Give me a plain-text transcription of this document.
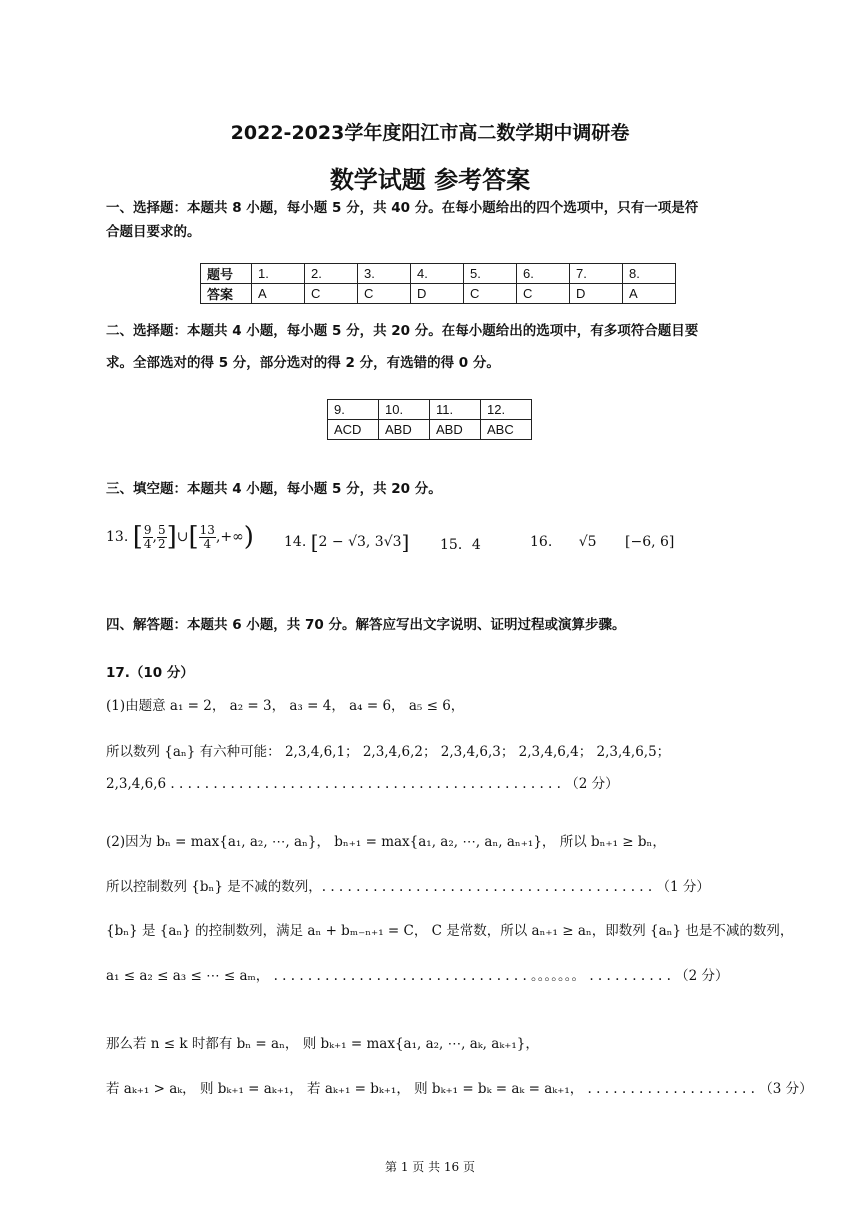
2022-2023学年度阳江市高二数学期中调研卷
数学试题 参考答案
一、选择题：本题共 8 小题，每小题 5 分，共 40 分。在每小题给出的四个选项中，只有一项是符
合题目要求的。
题号	1.	2.	3.	4.	5.	6.	7.	8.
答案	A	C	C	D	C	C	D	A
二、选择题：本题共 4 小题，每小题 5 分，共 20 分。在每小题给出的选项中，有多项符合题目要
求。全部选对的得 5 分，部分选对的得 2 分，有选错的得 0 分。
9.	10.	11.	12.
ACD	ABD	ABD	ABC
三、填空题：本题共 4 小题，每小题 5 分，共 20 分。
13. [ $\frac{9}{4}$ , $\frac{5}{2}$ ]∪[ $\frac{13}{4}$ ,+∞) 14. [2 − √3, 3√3] 15．4	16. √5 [−6, 6]
四、解答题：本题共 6 小题，共 70 分。解答应写出文字说明、证明过程或演算步骤。
17.（10 分）
(1)由题意 a₁ = 2， a₂ = 3， a₃ = 4， a₄ = 6， a₅ ≤ 6，
所以数列 {aₙ} 有六种可能： 2,3,4,6,1； 2,3,4,6,2； 2,3,4,6,3； 2,3,4,6,4； 2,3,4,6,5；
2,3,4,6,6 . . . . . . . . . . . . . . . . . . . . . . . . . . . . . . . . . . . . . . . . . . . . . . （2 分）
(2)因为 bₙ = max{a₁, a₂, ⋯, aₙ}， bₙ₊₁ = max{a₁, a₂, ⋯, aₙ, aₙ₊₁}， 所以 bₙ₊₁ ≥ bₙ，
所以控制数列 {bₙ} 是不减的数列，. . . . . . . . . . . . . . . . . . . . . . . . . . . . . . . . . . . . . . . （1 分）
{bₙ} 是 {aₙ} 的控制数列，满足 aₙ + bₘ₋ₙ₊₁ = C， C 是常数，所以 aₙ₊₁ ≥ aₙ，即数列 {aₙ} 也是不减的数列，
a₁ ≤ a₂ ≤ a₃ ≤ ⋯ ≤ aₘ， . . . . . . . . . . . . . . . . . . . . . . . . . . . . . . 。。。。。。。 . . . . . . . . . . （2 分）
那么若 n ≤ k 时都有 bₙ = aₙ， 则 bₖ₊₁ = max{a₁, a₂, ⋯, aₖ, aₖ₊₁}，
若 aₖ₊₁ > aₖ， 则 bₖ₊₁ = aₖ₊₁， 若 aₖ₊₁ = bₖ₊₁， 则 bₖ₊₁ = bₖ = aₖ = aₖ₊₁， . . . . . . . . . . . . . . . . . . . . （3 分）
第 1 页 共 16 页
